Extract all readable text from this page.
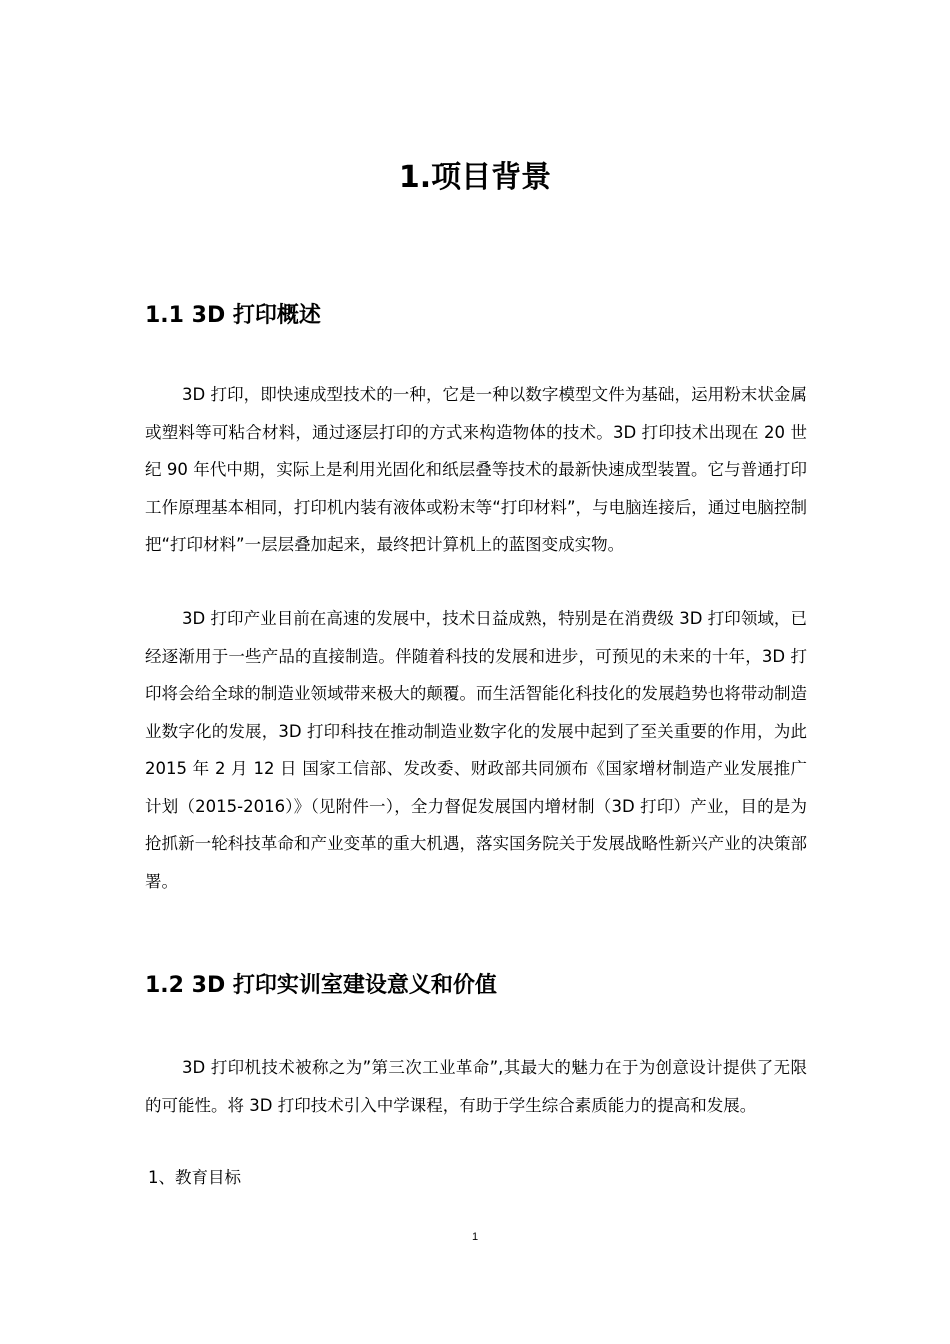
1.项目背景
1.1 3D 打印概述

3D 打印，即快速成型技术的一种，它是一种以数字模型文件为基础，运用粉末状金属或塑料等可粘合材料，通过逐层打印的方式来构造物体的技术。3D 打印技术出现在 20 世纪 90 年代中期，实际上是利用光固化和纸层叠等技术的最新快速成型装置。它与普通打印工作原理基本相同，打印机内装有液体或粉末等“打印材料”，与电脑连接后，通过电脑控制把“打印材料”一层层叠加起来，最终把计算机上的蓝图变成实物。

3D 打印产业目前在高速的发展中，技术日益成熟，特别是在消费级 3D 打印领域，已经逐渐用于一些产品的直接制造。伴随着科技的发展和进步，可预见的未来的十年，3D 打印将会给全球的制造业领域带来极大的颠覆。而生活智能化科技化的发展趋势也将带动制造业数字化的发展，3D 打印科技在推动制造业数字化的发展中起到了至关重要的作用，为此 2015 年 2 月 12 日 国家工信部、发改委、财政部共同颁布《国家增材制造产业发展推广计划（2015-2016）》（见附件一），全力督促发展国内增材制（3D 打印）产业，目的是为抢抓新一轮科技革命和产业变革的重大机遇，落实国务院关于发展战略性新兴产业的决策部署。

1.2 3D 打印实训室建设意义和价值

3D 打印机技术被称之为”第三次工业革命”,其最大的魅力在于为创意设计提供了无限的可能性。将 3D 打印技术引入中学课程，有助于学生综合素质能力的提高和发展。

1、教育目标
1
